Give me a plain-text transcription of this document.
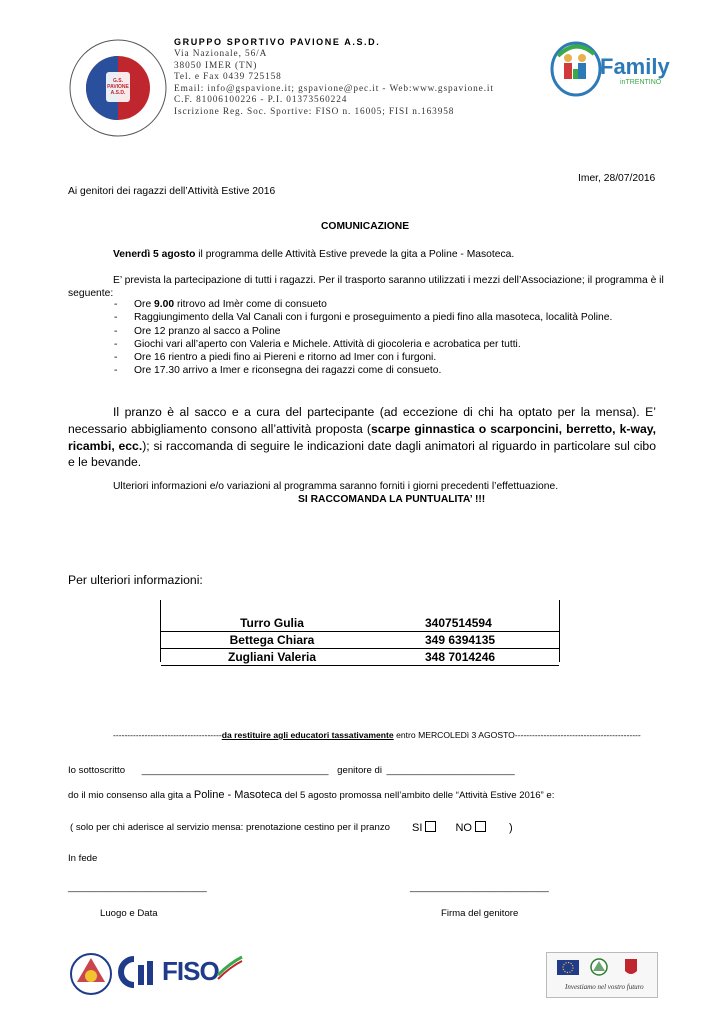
G.S. PAVIONE A.S.D.
GRUPPO SPORTIVO PAVIONE A.S.D.
Via Nazionale, 56/A
38050 IMER (TN)
Tel. e Fax 0439 725158
Email: info@gspavione.it; gspavione@pec.it - Web:www.gspavione.it
C.F. 81006100226 - P.I. 01373560224
Iscrizione Reg. Soc. Sportive: FISO n. 16005; FISI n.163958
Family
inTRENTINO
Imer, 28/07/2016
Ai genitori dei ragazzi dell’Attività Estive 2016
COMUNICAZIONE
Venerdì 5 agosto il programma delle Attività Estive prevede la gita a Poline - Masoteca.
E’ prevista la partecipazione di tutti i ragazzi. Per il trasporto saranno utilizzati i mezzi dell’Associazione; il programma è il
seguente:
- Ore 9.00 ritrovo ad Imèr come di consueto
- Raggiungimento della Val Canali con i furgoni e proseguimento a piedi fino alla masoteca, località Poline.
- Ore 12 pranzo al sacco a Poline
- Giochi vari all’aperto con Valeria e Michele. Attività di giocoleria e acrobatica per tutti.
- Ore 16 rientro a piedi fino ai Piereni e ritorno ad Imer con i furgoni.
- Ore 17.30 arrivo a Imer e riconsegna dei ragazzi come di consueto.
Il pranzo è al sacco e a cura del partecipante (ad eccezione di chi ha optato per la mensa). E’ necessario abbigliamento consono all’attività proposta (scarpe ginnastica o scarponcini, berretto, k-way, ricambi, ecc.); si raccomanda di seguire le indicazioni date dagli animatori al riguardo in particolare sul cibo e le bevande.
Ulteriori informazioni e/o variazioni al programma saranno forniti i giorni precedenti l’effettuazione.
SI RACCOMANDA LA PUNTUALITA’ !!!
Per ulteriori informazioni:
Turro Gulia	3407514594
Bettega Chiara	349 6394135
Zugliani Valeria	348 7014246
--------------------------------------da restituire agli educatori tassativamente entro MERCOLEDì 3 AGOSTO--------------------------------------------
Io sottoscritto ___________________________________ genitore di ________________________
do il mio consenso alla gita a Poline - Masoteca del 5 agosto promossa nell’ambito delle “Attività Estive 2016” e:
( solo per chi aderisce al servizio mensa: prenotazione cestino per il pranzo SI	NO	)
In fede
__________________________	__________________________
Luogo e Data	Firma del genitore
FISO
Investiamo nel vostro futuro
